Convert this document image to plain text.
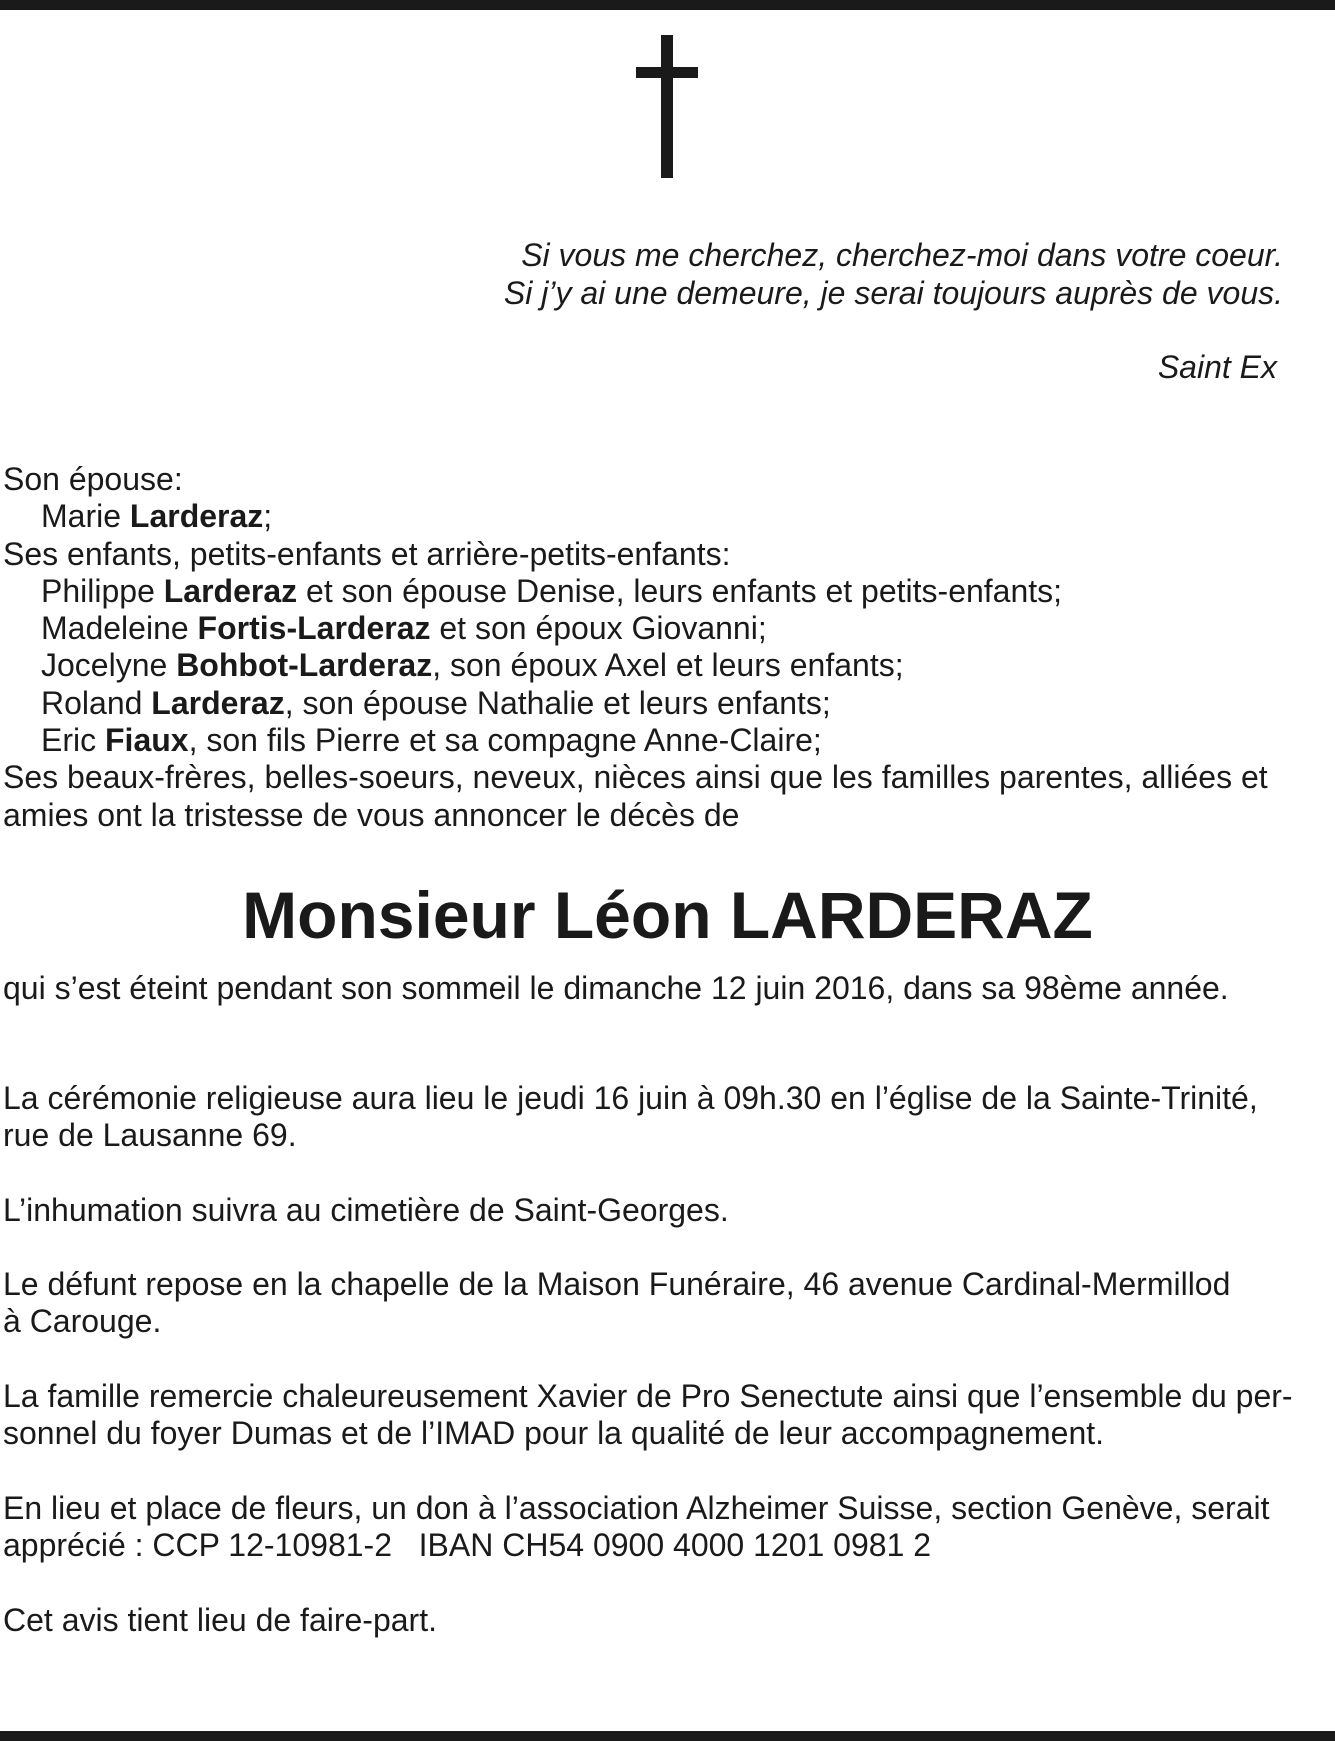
Si vous me cherchez, cherchez-moi dans votre coeur.
Si j’y ai une demeure, je serai toujours auprès de vous.
Saint Ex
Son épouse:
Marie Larderaz;
Ses enfants, petits-enfants et arrière-petits-enfants:
Philippe Larderaz et son épouse Denise, leurs enfants et petits-enfants;
Madeleine Fortis-Larderaz et son époux Giovanni;
Jocelyne Bohbot-Larderaz, son époux Axel et leurs enfants;
Roland Larderaz, son épouse Nathalie et leurs enfants;
Eric Fiaux, son fils Pierre et sa compagne Anne-Claire;
Ses beaux-frères, belles-soeurs, neveux, nièces ainsi que les familles parentes, alliées et
amies ont la tristesse de vous annoncer le décès de
Monsieur Léon LARDERAZ
qui s’est éteint pendant son sommeil le dimanche 12 juin 2016, dans sa 98ème année.
La cérémonie religieuse aura lieu le jeudi 16 juin à 09h.30 en l’église de la Sainte-Trinité,
rue de Lausanne 69.
L’inhumation suivra au cimetière de Saint-Georges.
Le défunt repose en la chapelle de la Maison Funéraire, 46 avenue Cardinal-Mermillod
à Carouge.
La famille remercie chaleureusement Xavier de Pro Senectute ainsi que l’ensemble du per-
sonnel du foyer Dumas et de l’IMAD pour la qualité de leur accompagnement.
En lieu et place de fleurs, un don à l’association Alzheimer Suisse, section Genève, serait
apprécié : CCP 12-10981-2   IBAN CH54 0900 4000 1201 0981 2
Cet avis tient lieu de faire-part.
